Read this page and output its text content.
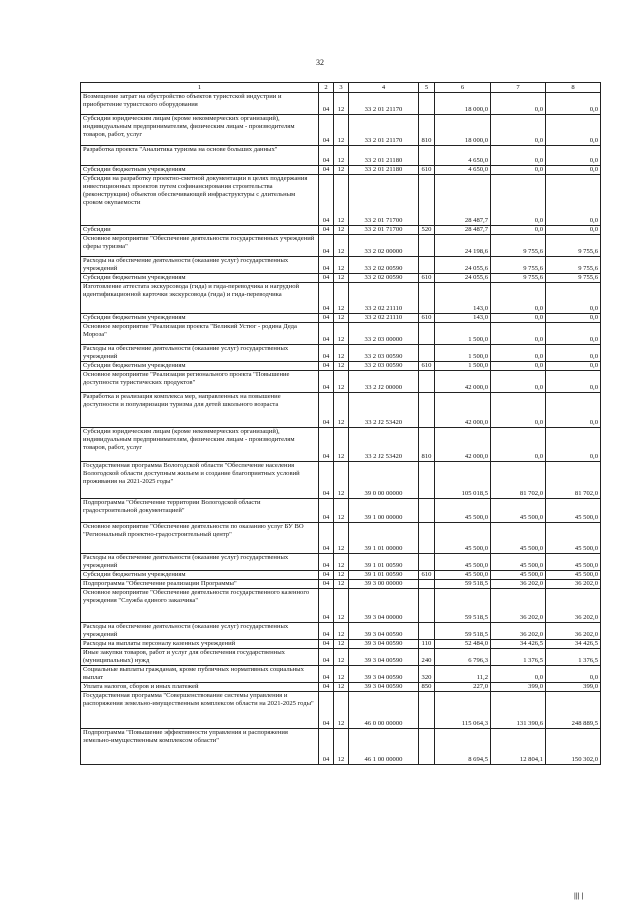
32
1	2	3	4	5	6	7	8
Возмещение затрат на обустройство объектов туристской индустрии и приобретение туристского оборудования	04	12	33 2 01 21170		18 000,0	0,0	0,0
Субсидии юридическим лицам (кроме некоммерческих организаций), индивидуальным предпринимателям, физическим лицам - производителям товаров, работ, услуг	04	12	33 2 01 21170	810	18 000,0	0,0	0,0
Разработка проекта "Аналитика туризма на основе больших данных"	04	12	33 2 01 21180		4 650,0	0,0	0,0
Субсидии бюджетным учреждениям	04	12	33 2 01 21180	610	4 650,0	0,0	0,0
Субсидии на разработку проектно-сметной документации в целях поддержания инвестиционных проектов путем софинансирования строительства (реконструкции) объектов обеспечивающей инфраструктуры с длительным сроком окупаемости	04	12	33 2 01 71700		28 487,7	0,0	0,0
Субсидии	04	12	33 2 01 71700	520	28 487,7	0,0	0,0
Основное мероприятие "Обеспечение деятельности государственных учреждений сферы туризма"	04	12	33 2 02 00000		24 198,6	9 755,6	9 755,6
Расходы на обеспечение деятельности (оказание услуг) государственных учреждений	04	12	33 2 02 00590		24 055,6	9 755,6	9 755,6
Субсидии бюджетным учреждениям	04	12	33 2 02 00590	610	24 055,6	9 755,6	9 755,6
Изготовление аттестата экскурсовода (гида) и гида-переводчика и нагрудной идентификационной карточки экскурсовода (гида) и гида-переводчика	04	12	33 2 02 21110		143,0	0,0	0,0
Субсидии бюджетным учреждениям	04	12	33 2 02 21110	610	143,0	0,0	0,0
Основное мероприятие "Реализация проекта "Великий Устюг - родина Деда Мороза"	04	12	33 2 03 00000		1 500,0	0,0	0,0
Расходы на обеспечение деятельности (оказание услуг) государственных учреждений	04	12	33 2 03 00590		1 500,0	0,0	0,0
Субсидии бюджетным учреждениям	04	12	33 2 03 00590	610	1 500,0	0,0	0,0
Основное мероприятие "Реализация регионального проекта "Повышение доступности туристических продуктов"	04	12	33 2 J2 00000		42 000,0	0,0	0,0
Разработка и реализация комплекса мер, направленных на повышение доступности и популяризации туризма для детей школьного возраста	04	12	33 2 J2 53420		42 000,0	0,0	0,0
Субсидии юридическим лицам (кроме некоммерческих организаций), индивидуальным предпринимателям, физическим лицам - производителям товаров, работ, услуг	04	12	33 2 J2 53420	810	42 000,0	0,0	0,0
Государственная программа Вологодской области "Обеспечение населения Вологодской области доступным жильем и создание благоприятных условий проживания на 2021-2025 годы"	04	12	39 0 00 00000		105 018,5	81 702,0	81 702,0
Подпрограмма "Обеспечение территории Вологодской области градостроительной документацией"	04	12	39 1 00 00000		45 500,0	45 500,0	45 500,0
Основное мероприятие "Обеспечение деятельности по оказанию услуг БУ ВО "Региональный проектно-градостроительный центр"	04	12	39 1 01 00000		45 500,0	45 500,0	45 500,0
Расходы на обеспечение деятельности (оказание услуг) государственных учреждений	04	12	39 1 01 00590		45 500,0	45 500,0	45 500,0
Субсидии бюджетным учреждениям	04	12	39 1 01 00590	610	45 500,0	45 500,0	45 500,0
Подпрограмма "Обеспечение реализации Программы"	04	12	39 3 00 00000		59 518,5	36 202,0	36 202,0
Основное мероприятие "Обеспечение деятельности государственного казенного учреждения "Служба единого заказчика"	04	12	39 3 04 00000		59 518,5	36 202,0	36 202,0
Расходы на обеспечение деятельности (оказание услуг) государственных учреждений	04	12	39 3 04 00590		59 518,5	36 202,0	36 202,0
Расходы на выплаты персоналу казенных учреждений	04	12	39 3 04 00590	110	52 484,0	34 426,5	34 426,5
Иные закупки товаров, работ и услуг для обеспечения государственных (муниципальных) нужд	04	12	39 3 04 00590	240	6 796,3	1 376,5	1 376,5
Социальные выплаты гражданам, кроме публичных нормативных социальных выплат	04	12	39 3 04 00590	320	11,2	0,0	0,0
Уплата налогов, сборов и иных платежей	04	12	39 3 04 00590	850	227,0	399,0	399,0
Государственная программа "Совершенствование системы управления и распоряжения земельно-имущественным комплексом области на 2021-2025 годы"	04	12	46 0 00 00000		115 064,3	131 390,6	248 889,5
Подпрограмма "Повышение эффективности управления и распоряжения земельно-имущественным комплексом области"	04	12	46 1 00 00000		8 694,5	12 804,1	150 302,0
||| |
